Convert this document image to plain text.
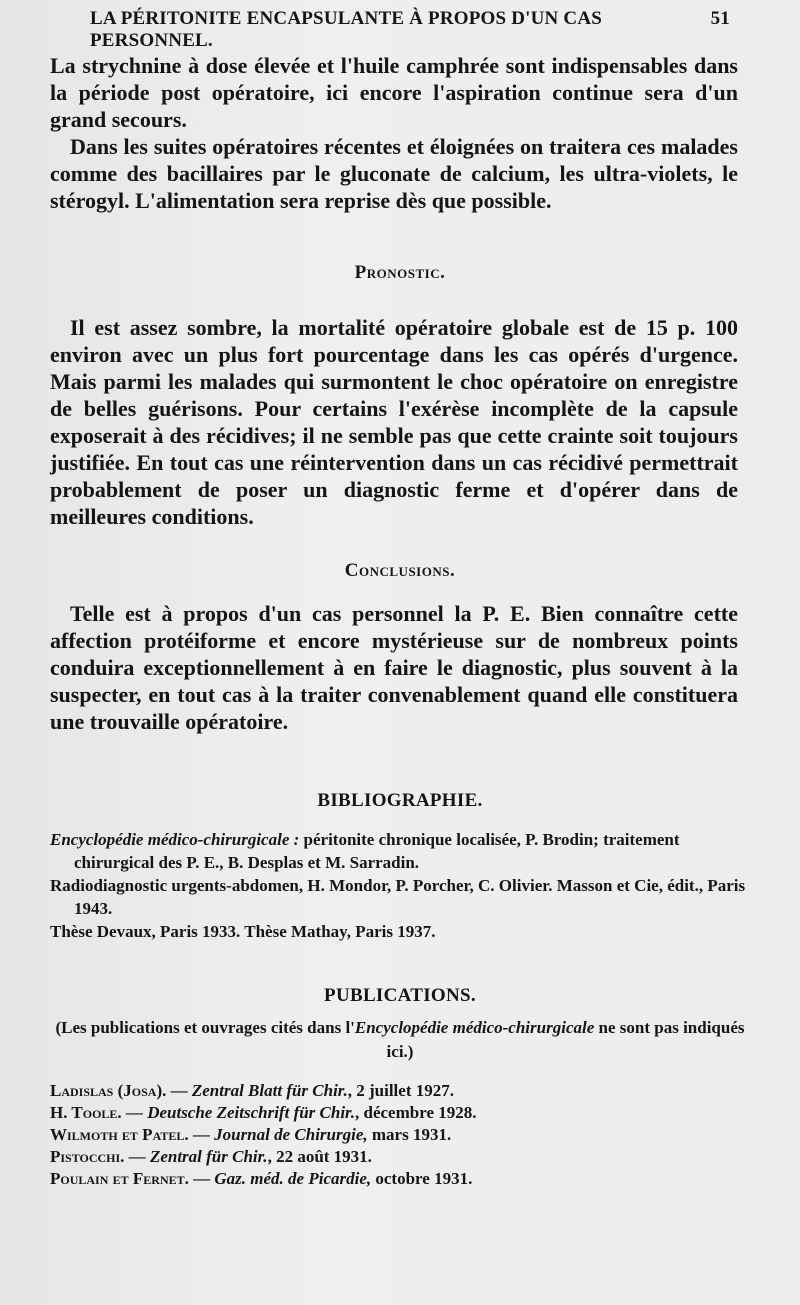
LA PÉRITONITE ENCAPSULANTE À PROPOS D'UN CAS PERSONNEL.
51

La strychnine à dose élevée et l'huile camphrée sont indispensables dans la période post opératoire, ici encore l'aspiration continue sera d'un grand secours.

Dans les suites opératoires récentes et éloignées on traitera ces malades comme des bacillaires par le gluconate de calcium, les ultra-violets, le stérogyl. L'alimentation sera reprise dès que possible.

Pronostic.

Il est assez sombre, la mortalité opératoire globale est de 15 p. 100 environ avec un plus fort pourcentage dans les cas opérés d'urgence. Mais parmi les malades qui surmontent le choc opératoire on enregistre de belles guérisons. Pour certains l'exérèse incomplète de la capsule exposerait à des récidives; il ne semble pas que cette crainte soit toujours justifiée. En tout cas une réintervention dans un cas récidivé permettrait probablement de poser un diagnostic ferme et d'opérer dans de meilleures conditions.

Conclusions.

Telle est à propos d'un cas personnel la P. E. Bien connaître cette affection protéiforme et encore mystérieuse sur de nombreux points conduira exceptionnellement à en faire le diagnostic, plus souvent à la suspecter, en tout cas à la traiter convenablement quand elle constituera une trouvaille opératoire.

BIBLIOGRAPHIE.

Encyclopédie médico-chirurgicale : péritonite chronique localisée, P. Brodin; traitement chirurgical des P. E., B. Desplas et M. Sarradin.

Radiodiagnostic urgents-abdomen, H. Mondor, P. Porcher, C. Olivier. Masson et Cie, édit., Paris 1943.

Thèse Devaux, Paris 1933. Thèse Mathay, Paris 1937.

PUBLICATIONS.
(Les publications et ouvrages cités dans l'Encyclopédie médico-chirurgicale ne sont pas indiqués ici.)

Ladislas (Josa). — Zentral Blatt für Chir., 2 juillet 1927.

H. Toole. — Deutsche Zeitschrift für Chir., décembre 1928.

Wilmoth et Patel. — Journal de Chirurgie, mars 1931.

Pistocchi. — Zentral für Chir., 22 août 1931.

Poulain et Fernet. — Gaz. méd. de Picardie, octobre 1931.
